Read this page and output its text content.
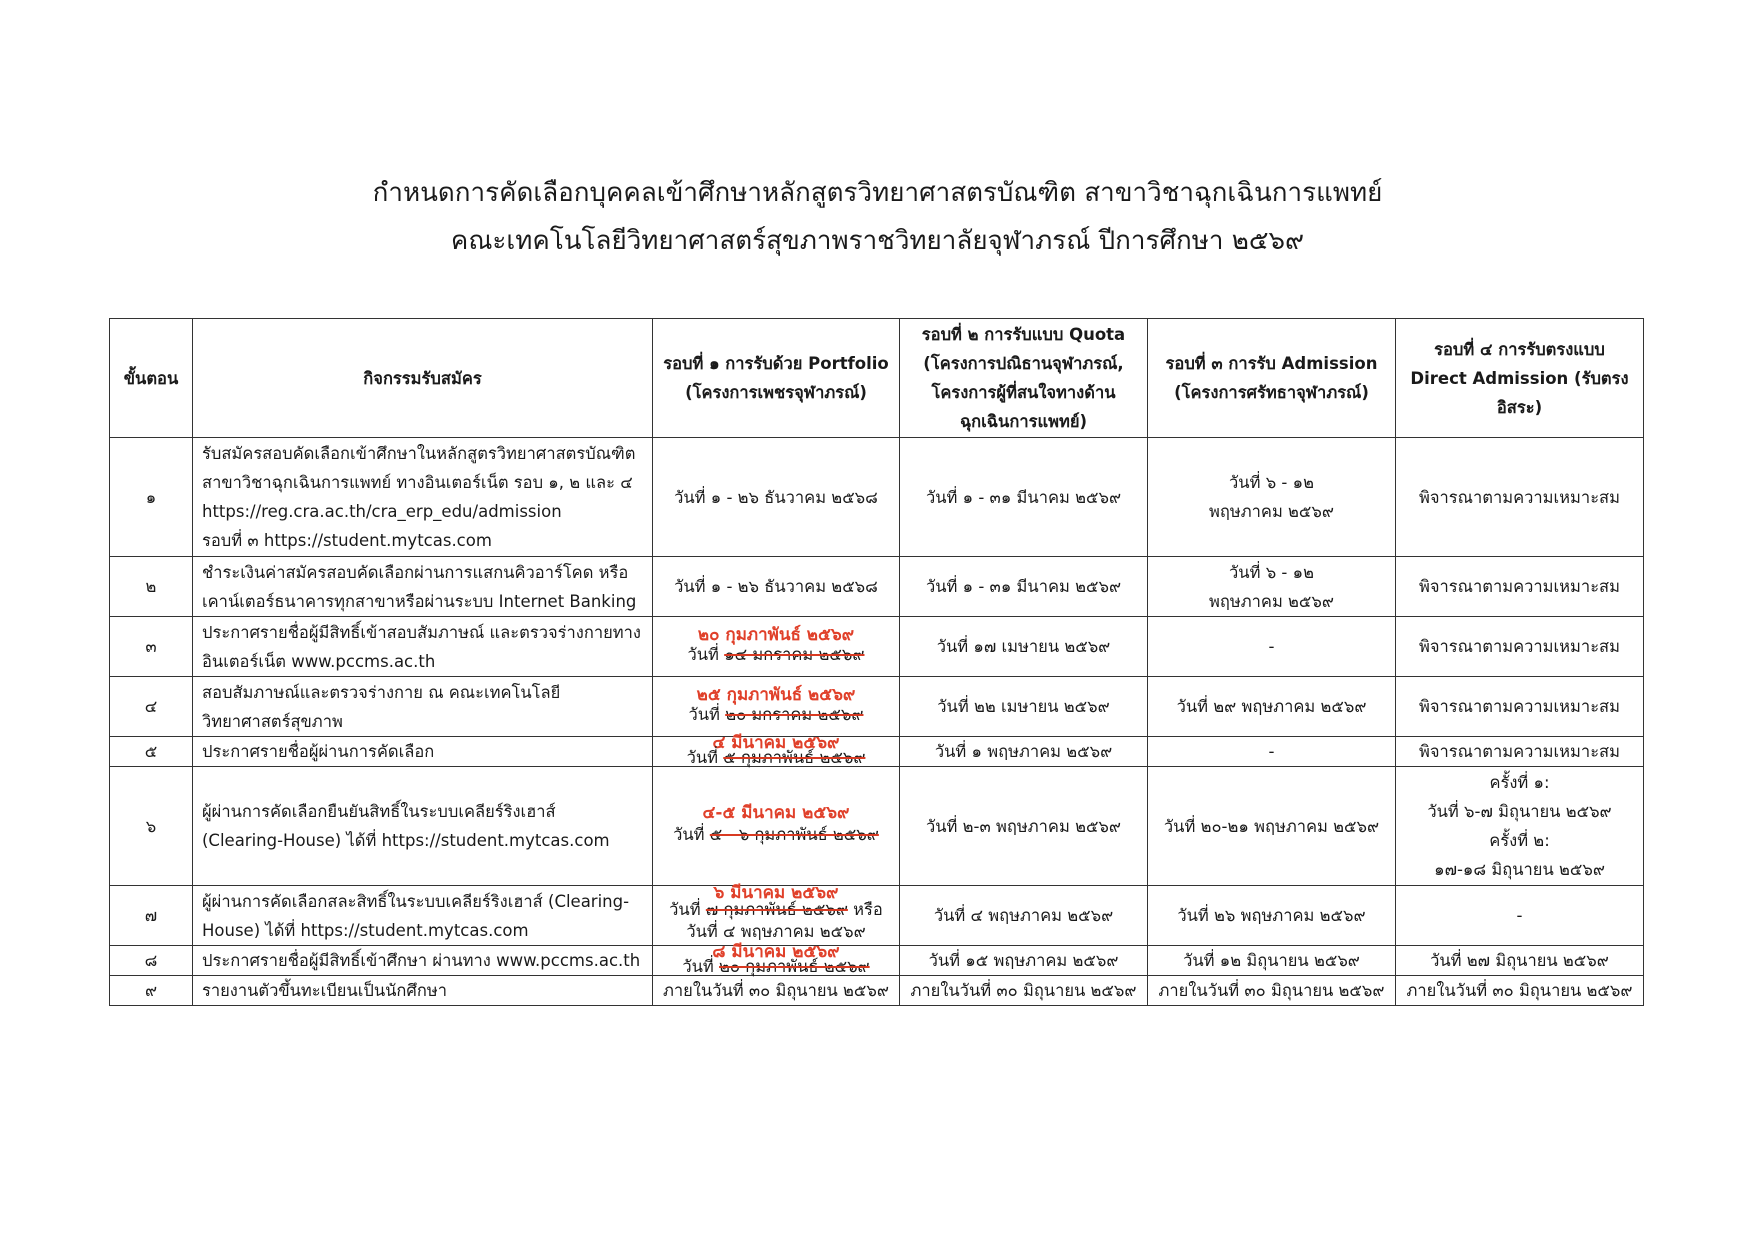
กำหนดการคัดเลือกบุคคลเข้าศึกษาหลักสูตรวิทยาศาสตรบัณฑิต สาขาวิชาฉุกเฉินการแพทย์
คณะเทคโนโลยีวิทยาศาสตร์สุขภาพราชวิทยาลัยจุฬาภรณ์ ปีการศึกษา ๒๕๖๙
ขั้นตอน	กิจกรรมรับสมัคร	รอบที่ ๑ การรับด้วย Portfolio
(โครงการเพชรจุฬาภรณ์)	รอบที่ ๒ การรับแบบ Quota
(โครงการปณิธานจุฬาภรณ์,
โครงการผู้ที่สนใจทางด้าน
ฉุกเฉินการแพทย์)	รอบที่ ๓ การรับ Admission
(โครงการศรัทธาจุฬาภรณ์)	รอบที่ ๔ การรับตรงแบบ
Direct Admission (รับตรง
อิสระ)

๑	รับสมัครสอบคัดเลือกเข้าศึกษาในหลักสูตรวิทยาศาสตรบัณฑิต
สาขาวิชาฉุกเฉินการแพทย์ ทางอินเตอร์เน็ต รอบ ๑, ๒ และ ๔
https://reg.cra.ac.th/cra_erp_edu/admission
รอบที่ ๓ https://student.mytcas.com	วันที่ ๑ - ๒๖ ธันวาคม ๒๕๖๘	วันที่ ๑ - ๓๑ มีนาคม ๒๕๖๙	วันที่ ๖ - ๑๒
พฤษภาคม ๒๕๖๙	พิจารณาตามความเหมาะสม
๒	ชำระเงินค่าสมัครสอบคัดเลือกผ่านการแสกนคิวอาร์โคด หรือ
เคาน์เตอร์ธนาคารทุกสาขาหรือผ่านระบบ Internet Banking	วันที่ ๑ - ๒๖ ธันวาคม ๒๕๖๘	วันที่ ๑ - ๓๑ มีนาคม ๒๕๖๙	วันที่ ๖ - ๑๒
พฤษภาคม ๒๕๖๙	พิจารณาตามความเหมาะสม
๓	ประกาศรายชื่อผู้มีสิทธิ์เข้าสอบสัมภาษณ์ และตรวจร่างกายทาง
อินเตอร์เน็ต www.pccms.ac.th	๒๐ กุมภาพันธ์ ๒๕๖๙
วันที่ ๑๔ มกราคม ๒๕๖๙	วันที่ ๑๗ เมษายน ๒๕๖๙	-	พิจารณาตามความเหมาะสม
๔	สอบสัมภาษณ์และตรวจร่างกาย ณ คณะเทคโนโลยี
วิทยาศาสตร์สุขภาพ	๒๕ กุมภาพันธ์ ๒๕๖๙
วันที่ ๒๐ มกราคม ๒๕๖๙	วันที่ ๒๒ เมษายน ๒๕๖๙	วันที่ ๒๙ พฤษภาคม ๒๕๖๙	พิจารณาตามความเหมาะสม
๕	ประกาศรายชื่อผู้ผ่านการคัดเลือก	๔ มีนาคม ๒๕๖๙
วันที่ ๕ กุมภาพันธ์ ๒๕๖๙	วันที่ ๑ พฤษภาคม ๒๕๖๙	-	พิจารณาตามความเหมาะสม
๖	ผู้ผ่านการคัดเลือกยืนยันสิทธิ์ในระบบเคลียร์ริงเฮาส์
(Clearing-House) ได้ที่ https://student.mytcas.com	๔-๕ มีนาคม ๒๕๖๙
วันที่ ๕ - ๖ กุมภาพันธ์ ๒๕๖๙	วันที่ ๒-๓ พฤษภาคม ๒๕๖๙	วันที่ ๒๐-๒๑ พฤษภาคม ๒๕๖๙	ครั้งที่ ๑:
วันที่ ๖-๗ มิถุนายน ๒๕๖๙
ครั้งที่ ๒:
๑๗-๑๘ มิถุนายน ๒๕๖๙

๗	ผู้ผ่านการคัดเลือกสละสิทธิ์ในระบบเคลียร์ริงเฮาส์ (Clearing-
House) ได้ที่ https://student.mytcas.com	๖ มีนาคม ๒๕๖๙
วันที่ ๗ กุมภาพันธ์ ๒๕๖๙ หรือ
วันที่ ๔ พฤษภาคม ๒๕๖๙	วันที่ ๔ พฤษภาคม ๒๕๖๙	วันที่ ๒๖ พฤษภาคม ๒๕๖๙	-
๘	ประกาศรายชื่อผู้มีสิทธิ์เข้าศึกษา ผ่านทาง www.pccms.ac.th	๘ มีนาคม ๒๕๖๙
วันที่ ๒๐ กุมภาพันธ์ ๒๕๖๙	วันที่ ๑๕ พฤษภาคม ๒๕๖๙	วันที่ ๑๒ มิถุนายน ๒๕๖๙	วันที่ ๒๗ มิถุนายน ๒๕๖๙
๙	รายงานตัวขึ้นทะเบียนเป็นนักศึกษา	ภายในวันที่ ๓๐ มิถุนายน ๒๕๖๙	ภายในวันที่ ๓๐ มิถุนายน ๒๕๖๙	ภายในวันที่ ๓๐ มิถุนายน ๒๕๖๙	ภายในวันที่ ๓๐ มิถุนายน ๒๕๖๙
